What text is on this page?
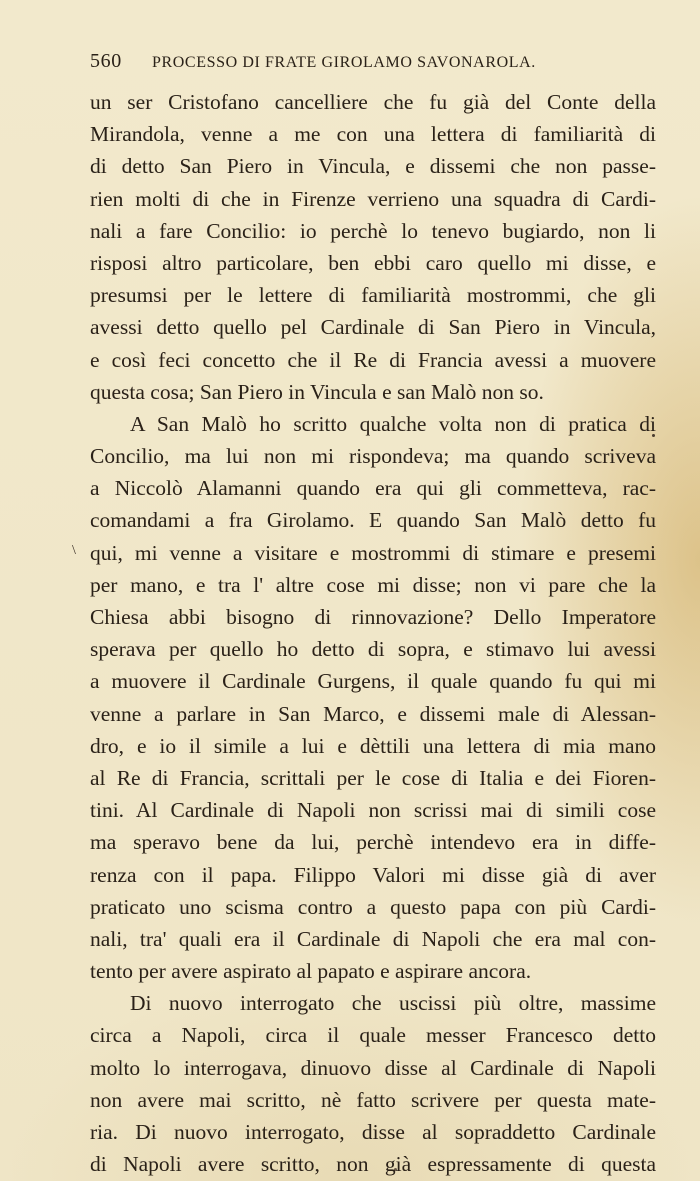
560 PROCESSO DI FRATE GIROLAMO SAVONAROLA.
\
un ser Cristofano cancelliere che fu già del Conte della
Mirandola, venne a me con una lettera di familiarità di
di detto San Piero in Vincula, e dissemi che non passe-
rien molti di che in Firenze verrieno una squadra di Cardi-
nali a fare Concilio: io perchè lo tenevo bugiardo, non li
risposi altro particolare, ben ebbi caro quello mi disse, e
presumsi per le lettere di familiarità mostrommi, che gli
avessi detto quello pel Cardinale di San Piero in Vincula,
e così feci concetto che il Re di Francia avessi a muovere
questa cosa; San Piero in Vincula e san Malò non so.
A San Malò ho scritto qualche volta non di pratica di
Concilio, ma lui non mi rispondeva; ma quando scriveva
a Niccolò Alamanni quando era qui gli commetteva, rac-
comandami a fra Girolamo. E quando San Malò detto fu
qui, mi venne a visitare e mostrommi di stimare e presemi
per mano, e tra l' altre cose mi disse; non vi pare che la
Chiesa abbi bisogno di rinnovazione? Dello Imperatore
sperava per quello ho detto di sopra, e stimavo lui avessi
a muovere il Cardinale Gurgens, il quale quando fu qui mi
venne a parlare in San Marco, e dissemi male di Alessan-
dro, e io il simile a lui e dèttili una lettera di mia mano
al Re di Francia, scrittali per le cose di Italia e dei Fioren-
tini. Al Cardinale di Napoli non scrissi mai di simili cose
ma speravo bene da lui, perchè intendevo era in diffe-
renza con il papa. Filippo Valori mi disse già di aver
praticato uno scisma contro a questo papa con più Cardi-
nali, tra' quali era il Cardinale di Napoli che era mal con-
tento per avere aspirato al papato e aspirare ancora.
Di nuovo interrogato che uscissi più oltre, massime
circa a Napoli, circa il quale messer Francesco detto
molto lo interrogava, dinuovo disse al Cardinale di Napoli
non avere mai scritto, nè fatto scrivere per questa mate-
ria. Di nuovo interrogato, disse al sopraddetto Cardinale
di Napoli avere scritto, non già espressamente di questa
